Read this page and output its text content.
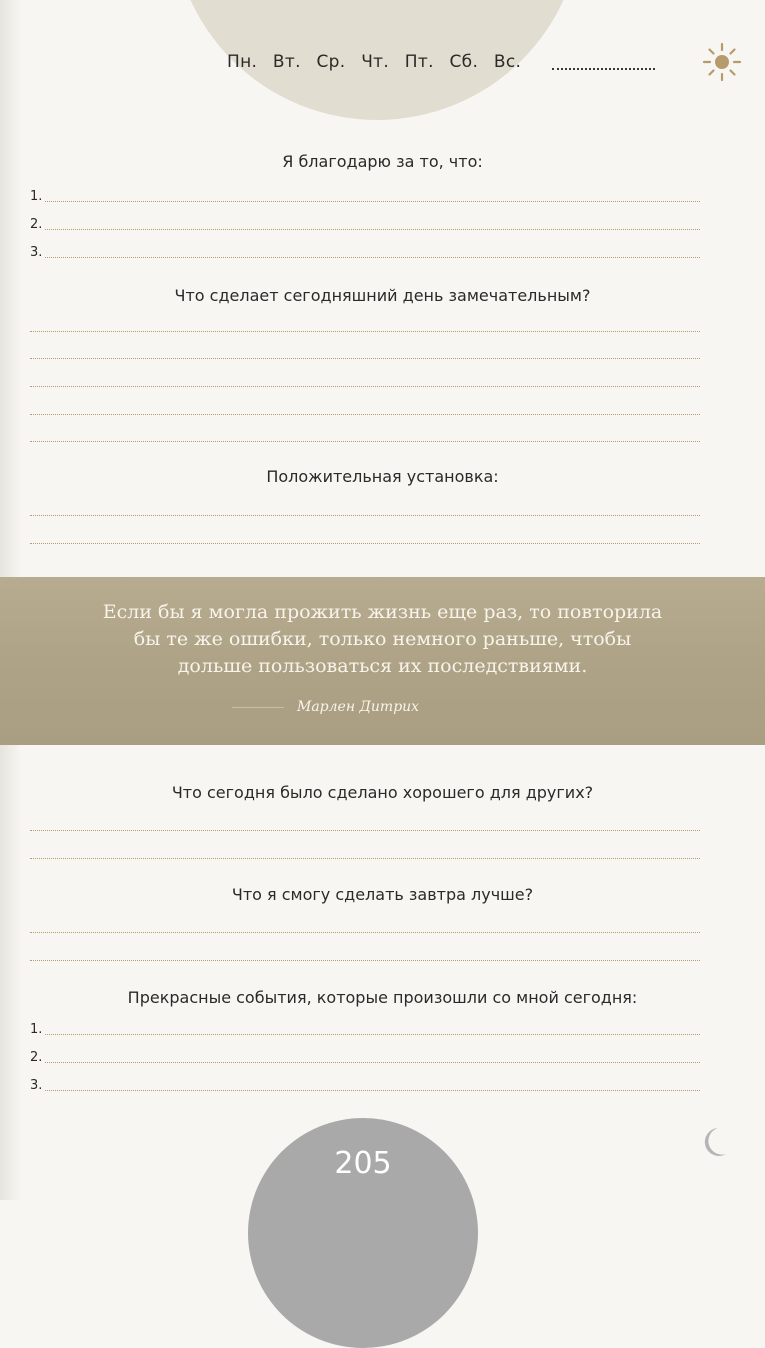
Пн. Вт. Ср. Чт. Пт. Сб. Вс.
Я благодарю за то, что:
1.
2.
3.
Что сделает сегодняшний день замечательным?
Положительная установка:
Если бы я могла прожить жизнь еще раз, то повторила
бы те же ошибки, только немного раньше, чтобы
дольше пользоваться их последствиями.
Марлен Дитрих
Что сегодня было сделано хорошего для других?
Что я смогу сделать завтра лучше?
Прекрасные события, которые произошли со мной сегодня:
1.
2.
3.
205
